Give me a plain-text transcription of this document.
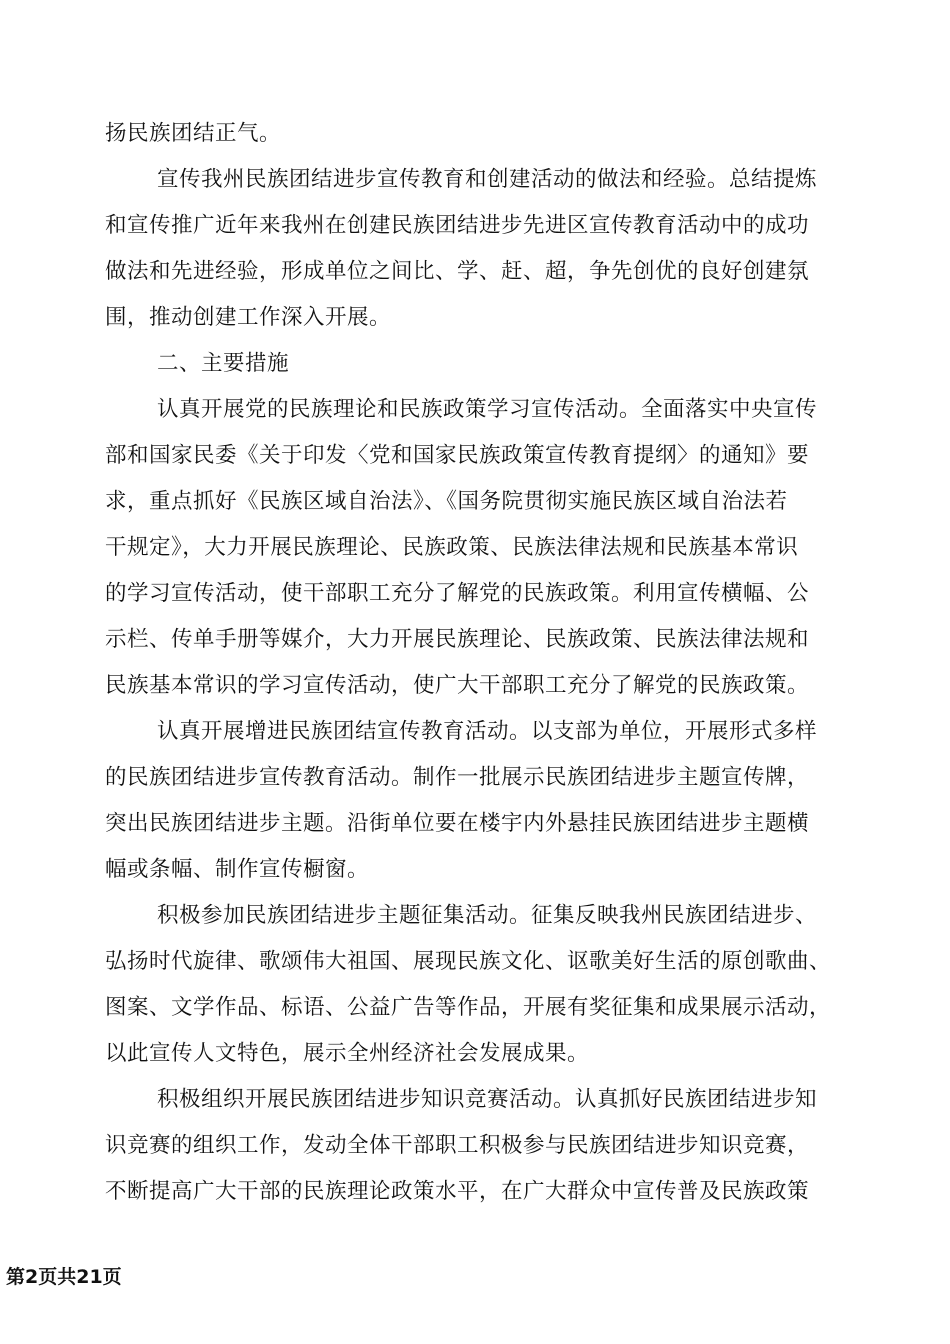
扬民族团结正气。
宣传我州民族团结进步宣传教育和创建活动的做法和经验。总结提炼
和宣传推广近年来我州在创建民族团结进步先进区宣传教育活动中的成功
做法和先进经验，形成单位之间比、学、赶、超，争先创优的良好创建氛
围，推动创建工作深入开展。
二、主要措施
认真开展党的民族理论和民族政策学习宣传活动。全面落实中央宣传
部和国家民委《关于印发〈党和国家民族政策宣传教育提纲〉的通知》要
求，重点抓好《民族区域自治法》、《国务院贯彻实施民族区域自治法若
干规定》，大力开展民族理论、民族政策、民族法律法规和民族基本常识
的学习宣传活动，使干部职工充分了解党的民族政策。利用宣传横幅、公
示栏、传单手册等媒介，大力开展民族理论、民族政策、民族法律法规和
民族基本常识的学习宣传活动，使广大干部职工充分了解党的民族政策。
认真开展增进民族团结宣传教育活动。以支部为单位，开展形式多样
的民族团结进步宣传教育活动。制作一批展示民族团结进步主题宣传牌，
突出民族团结进步主题。沿街单位要在楼宇内外悬挂民族团结进步主题横
幅或条幅、制作宣传橱窗。
积极参加民族团结进步主题征集活动。征集反映我州民族团结进步、
弘扬时代旋律、歌颂伟大祖国、展现民族文化、讴歌美好生活的原创歌曲、
图案、文学作品、标语、公益广告等作品，开展有奖征集和成果展示活动，
以此宣传人文特色，展示全州经济社会发展成果。
积极组织开展民族团结进步知识竞赛活动。认真抓好民族团结进步知
识竞赛的组织工作，发动全体干部职工积极参与民族团结进步知识竞赛，
不断提高广大干部的民族理论政策水平，在广大群众中宣传普及民族政策
第2页共21页
